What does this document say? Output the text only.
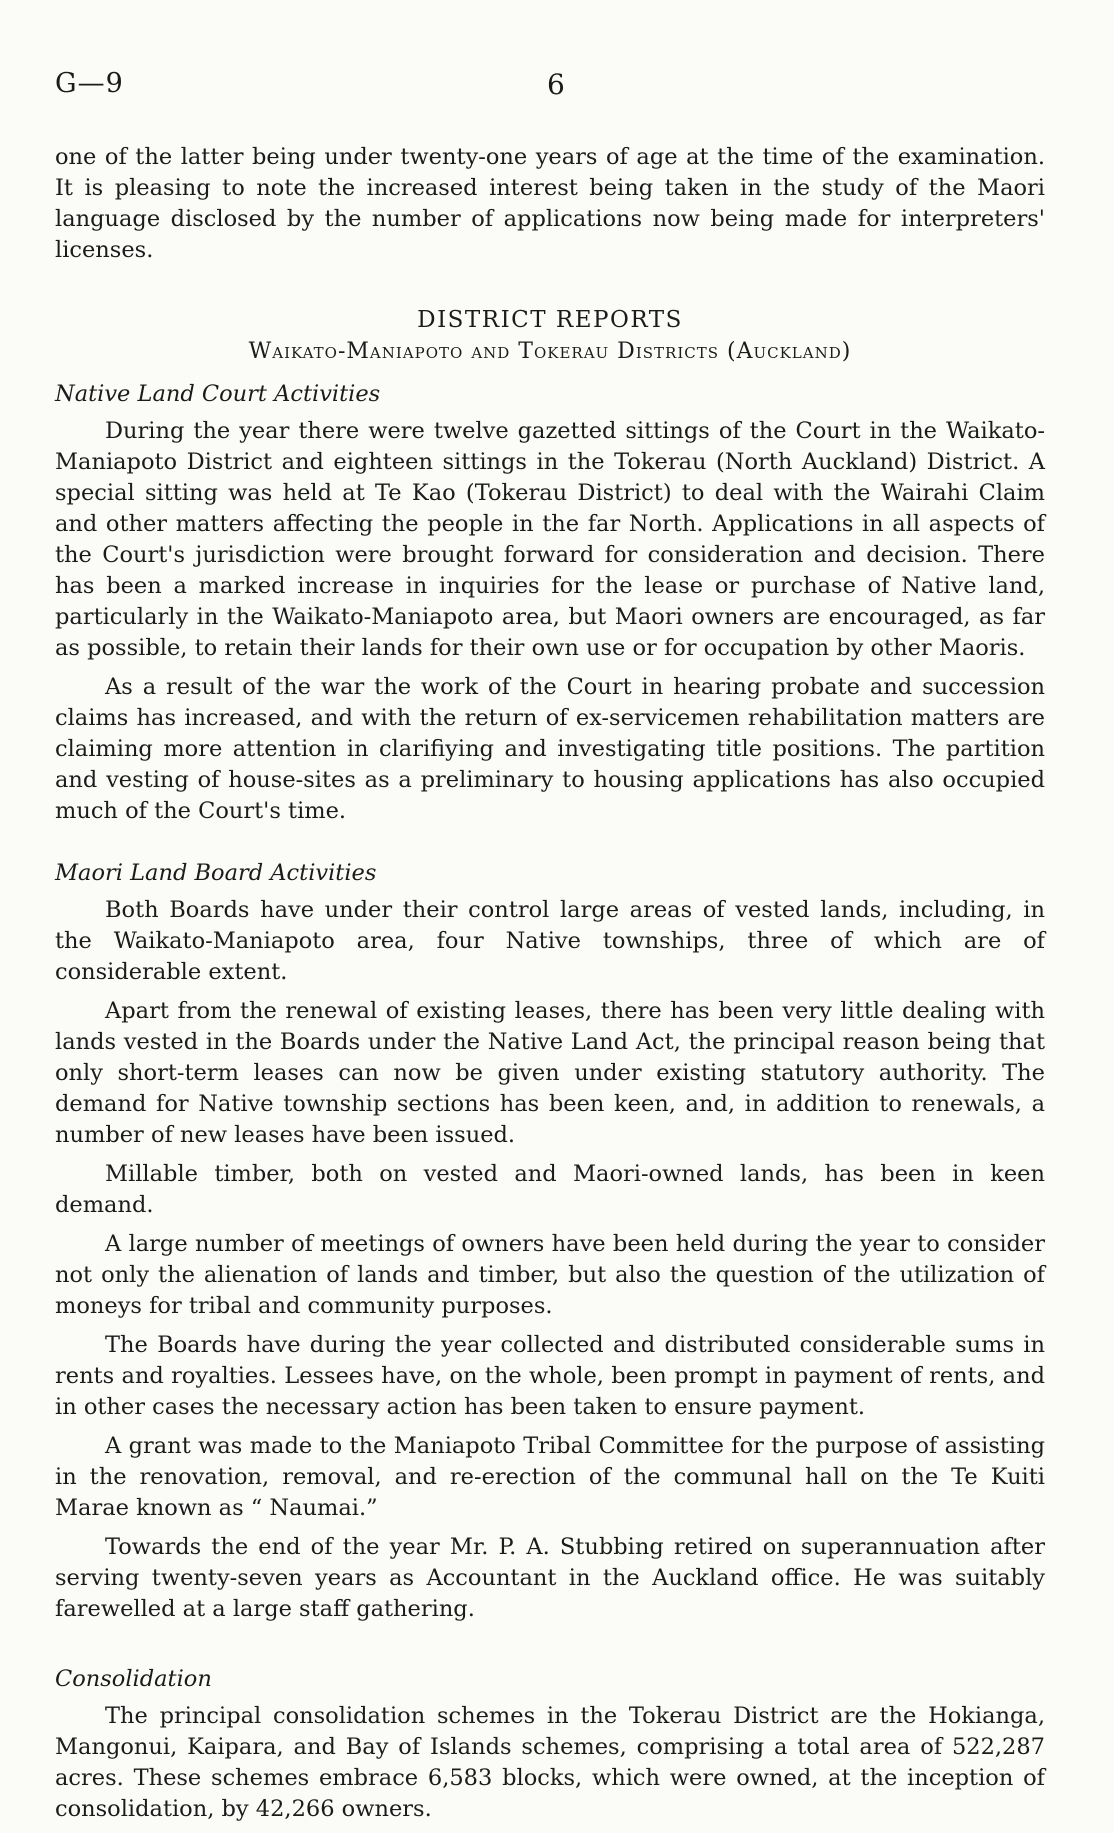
G—9	6

one of the latter being under twenty-one years of age at the time of the examination. It is pleasing to note the increased interest being taken in the study of the Maori language disclosed by the number of applications now being made for interpreters' licenses.

DISTRICT REPORTS
Waikato-Maniapoto and Tokerau Districts (Auckland)
Native Land Court Activities

During the year there were twelve gazetted sittings of the Court in the Waikato-Maniapoto District and eighteen sittings in the Tokerau (North Auckland) District. A special sitting was held at Te Kao (Tokerau District) to deal with the Wairahi Claim and other matters affecting the people in the far North. Applications in all aspects of the Court's jurisdiction were brought forward for consideration and decision. There has been a marked increase in inquiries for the lease or purchase of Native land, particularly in the Waikato-Maniapoto area, but Maori owners are encouraged, as far as possible, to retain their lands for their own use or for occupation by other Maoris.

As a result of the war the work of the Court in hearing probate and succession claims has increased, and with the return of ex-servicemen rehabilitation matters are claiming more attention in clarifiying and investigating title positions. The partition and vesting of house-sites as a preliminary to housing applications has also occupied much of the Court's time.

Maori Land Board Activities

Both Boards have under their control large areas of vested lands, including, in the Waikato-Maniapoto area, four Native townships, three of which are of considerable extent.

Apart from the renewal of existing leases, there has been very little dealing with lands vested in the Boards under the Native Land Act, the principal reason being that only short-term leases can now be given under existing statutory authority. The demand for Native township sections has been keen, and, in addition to renewals, a number of new leases have been issued.

Millable timber, both on vested and Maori-owned lands, has been in keen demand.

A large number of meetings of owners have been held during the year to consider not only the alienation of lands and timber, but also the question of the utilization of moneys for tribal and community purposes.

The Boards have during the year collected and distributed considerable sums in rents and royalties. Lessees have, on the whole, been prompt in payment of rents, and in other cases the necessary action has been taken to ensure payment.

A grant was made to the Maniapoto Tribal Committee for the purpose of assisting in the renovation, removal, and re-erection of the communal hall on the Te Kuiti Marae known as “ Naumai.”

Towards the end of the year Mr. P. A. Stubbing retired on superannuation after serving twenty-seven years as Accountant in the Auckland office. He was suitably farewelled at a large staff gathering.

Consolidation

The principal consolidation schemes in the Tokerau District are the Hokianga, Mangonui, Kaipara, and Bay of Islands schemes, comprising a total area of 522,287 acres. These schemes embrace 6,583 blocks, which were owned, at the inception of consolidation, by 42,266 owners.
